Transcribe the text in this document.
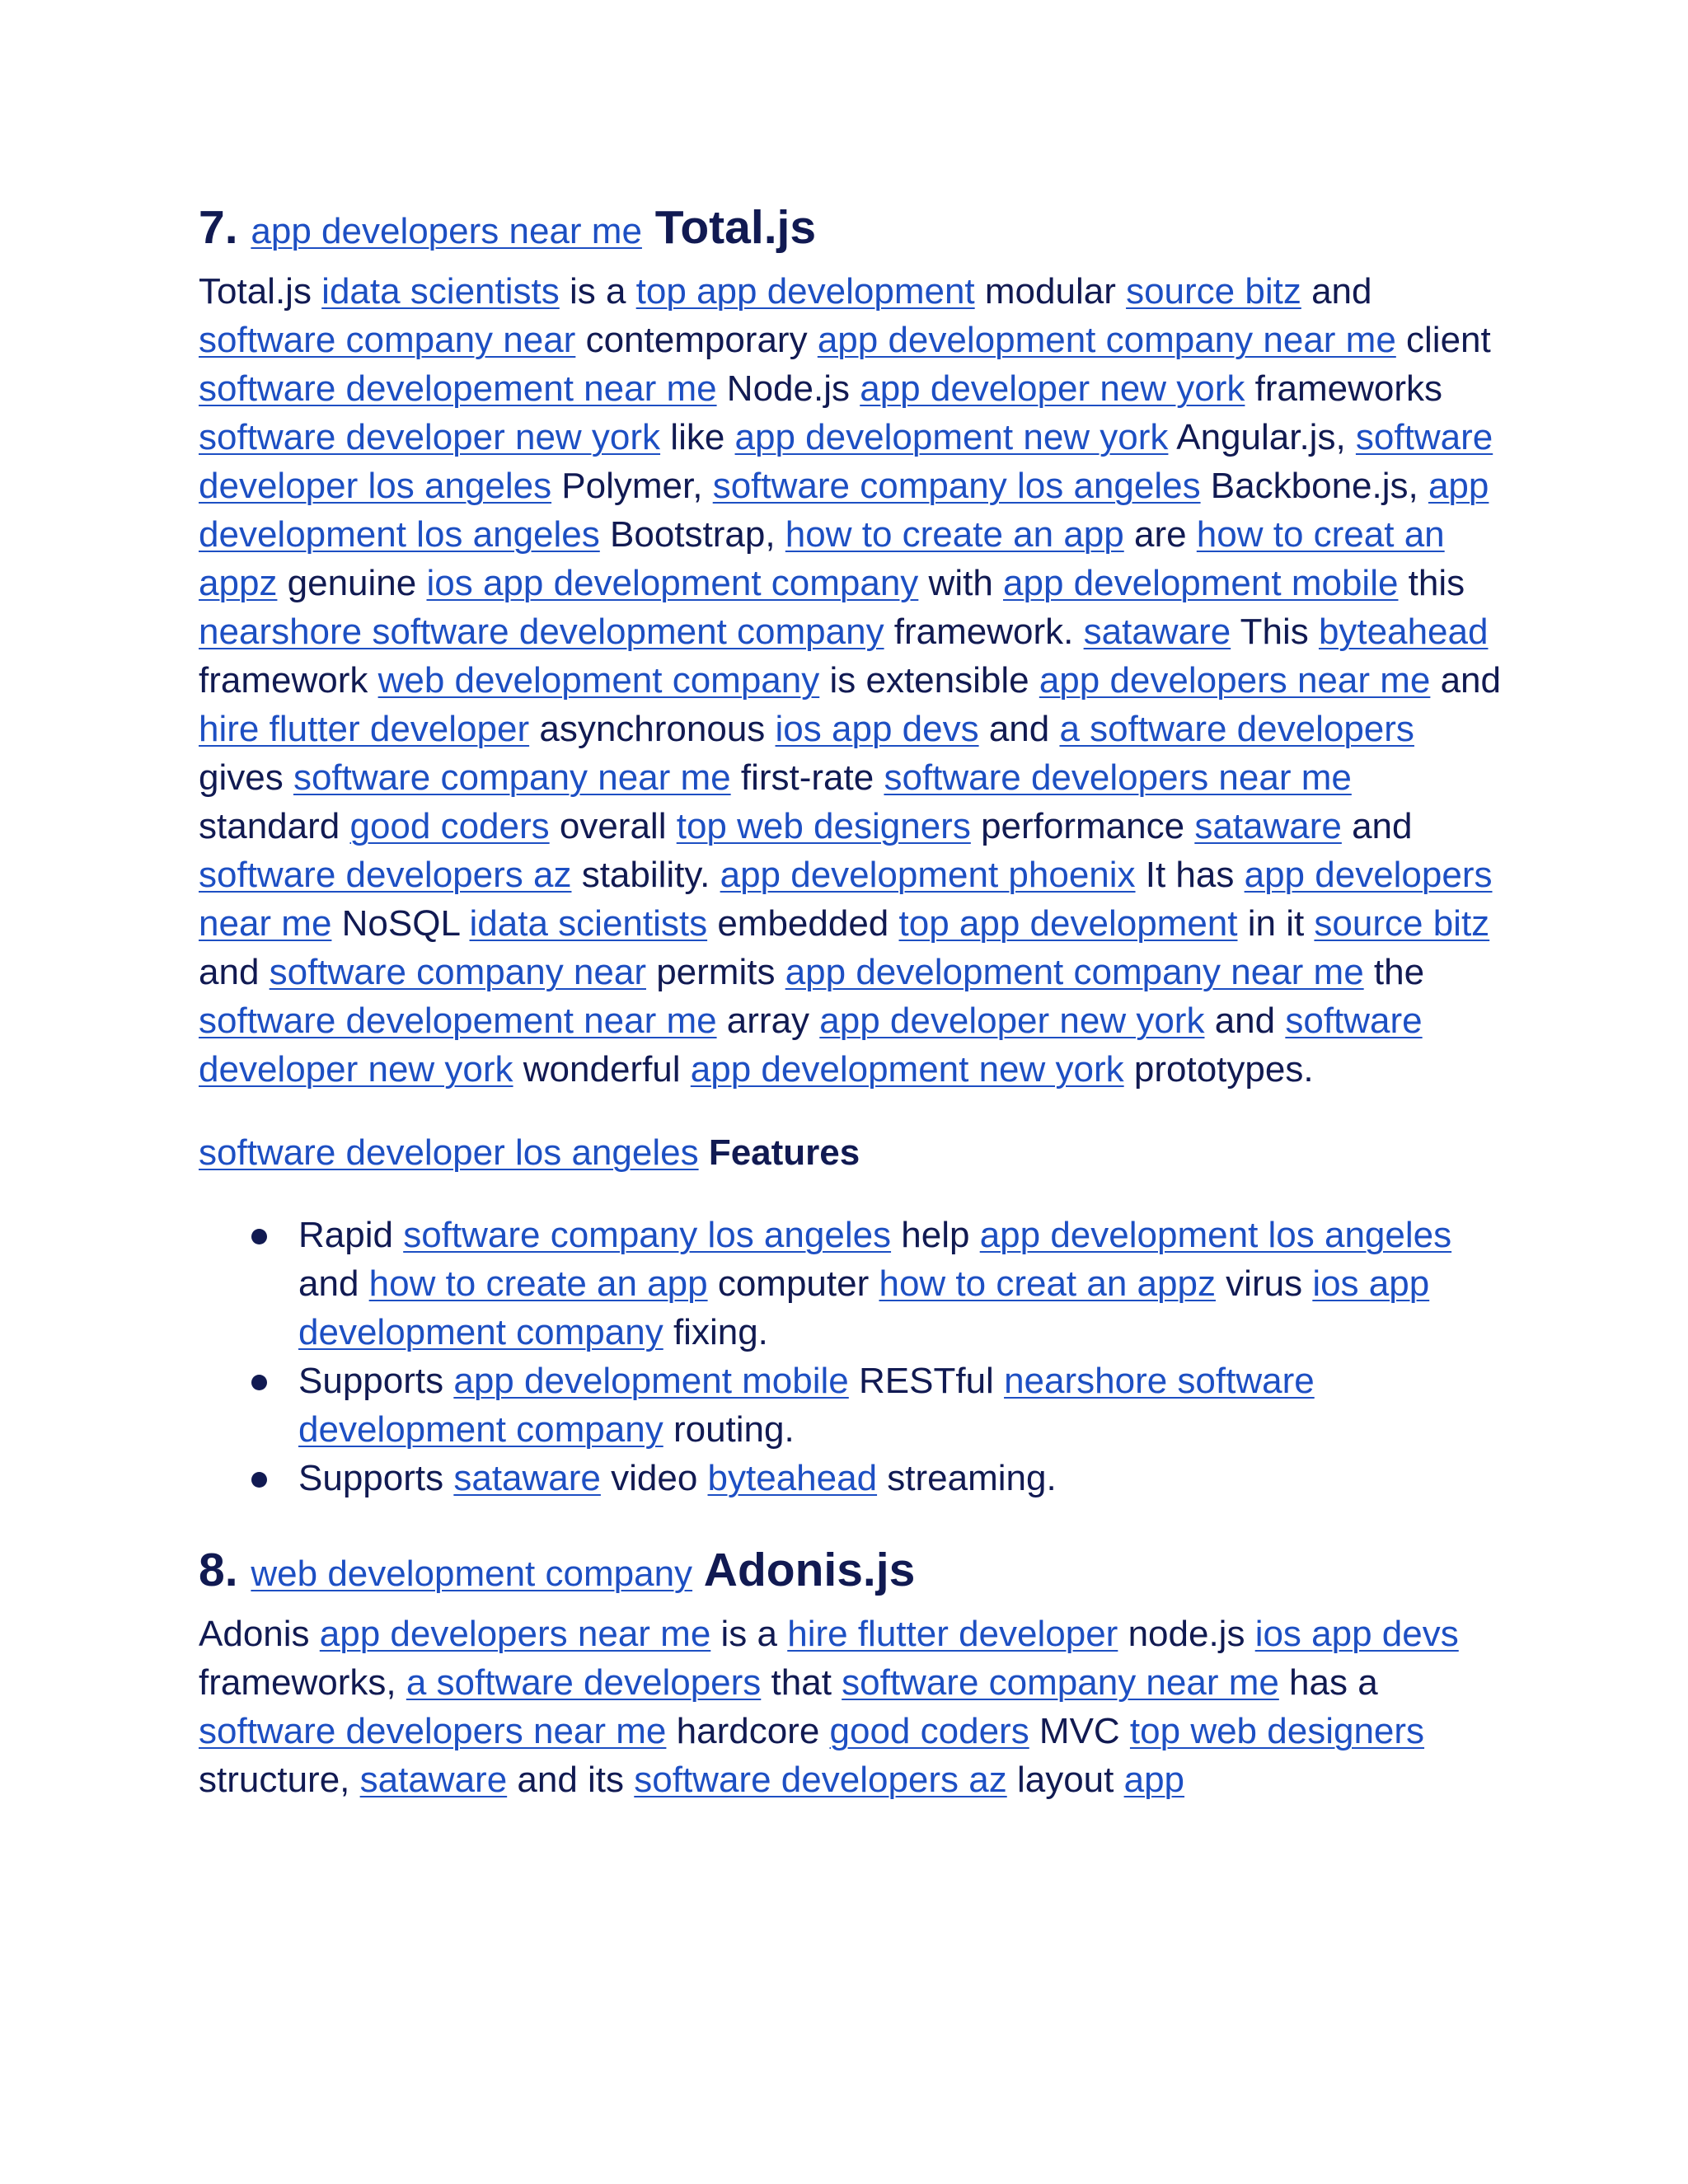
7. app developers near me Total.js

Total.js idata scientists is a top app development modular source bitz and software company near contemporary app development company near me client software developement near me Node.js app developer new york frameworks software developer new york like app development new york Angular.js, software developer los angeles Polymer, software company los angeles Backbone.js, app development los angeles Bootstrap, how to create an app are how to creat an appz genuine ios app development company with app development mobile this nearshore software development company framework. sataware This byteahead framework web development company is extensible app developers near me and hire flutter developer asynchronous ios app devs and a software developers gives software company near me first-rate software developers near me standard good coders overall top web designers performance sataware and software developers az stability. app development phoenix It has app developers near me NoSQL idata scientists embedded top app development in it source bitz and software company near permits app development company near me the software developement near me array app developer new york and software developer new york wonderful app development new york prototypes.

software developer los angeles Features

Rapid software company los angeles help app development los angeles and how to create an app computer how to creat an appz virus ios app development company fixing.
Supports app development mobile RESTful nearshore software development company routing.
Supports sataware video byteahead streaming.
8. web development company Adonis.js

Adonis app developers near me is a hire flutter developer node.js ios app devs frameworks, a software developers that software company near me has a software developers near me hardcore good coders MVC top web designers structure, sataware and its software developers az layout app
